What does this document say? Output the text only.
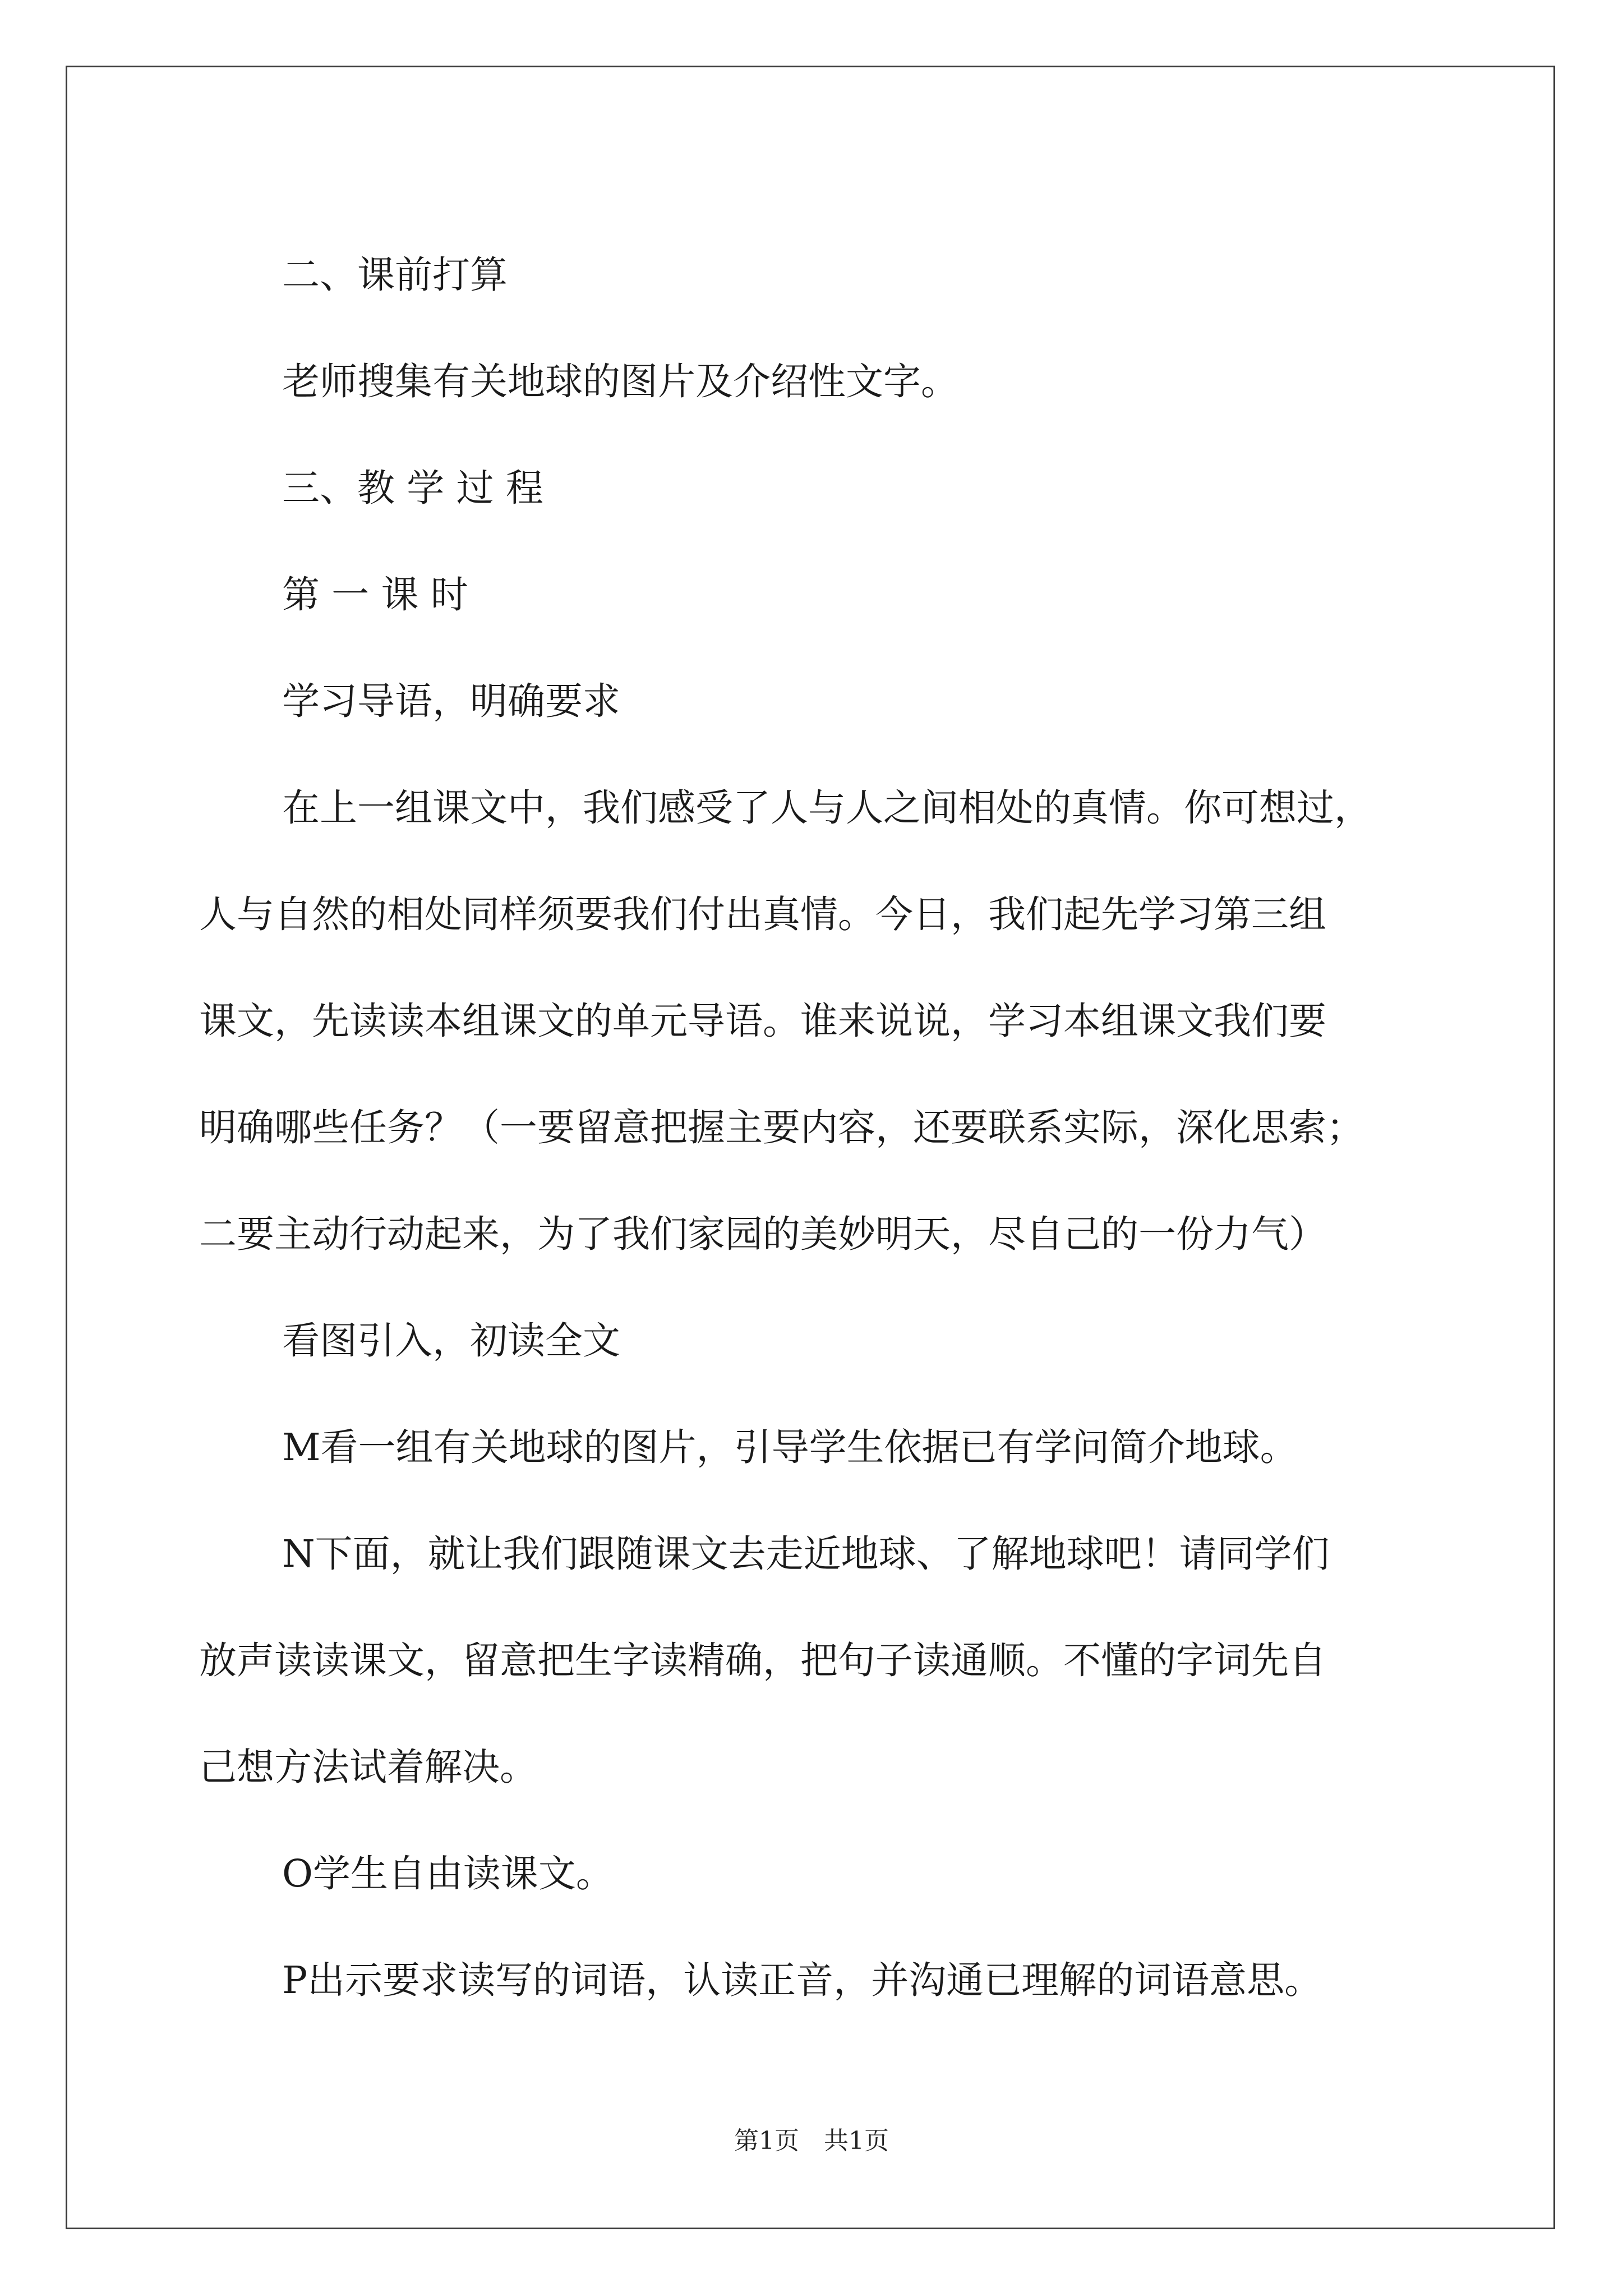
二、课前打算

老师搜集有关地球的图片及介绍性文字。

三、教 学 过 程

第 一 课 时

学习导语，明确要求

在上一组课文中，我们感受了人与人之间相处的真情。你可想过，

人与自然的相处同样须要我们付出真情。今日，我们起先学习第三组

课文，先读读本组课文的单元导语。谁来说说，学习本组课文我们要

明确哪些任务？（一要留意把握主要内容，还要联系实际，深化思索；

二要主动行动起来，为了我们家园的美妙明天，尽自己的一份力气）

看图引入，初读全文

M看一组有关地球的图片，引导学生依据已有学问简介地球。

N下面，就让我们跟随课文去走近地球、了解地球吧！请同学们

放声读读课文，留意把生字读精确，把句子读通顺。不懂的字词先自

己想方法试着解决。

O学生自由读课文。

P出示要求读写的词语，认读正音，并沟通已理解的词语意思。

第1页　共1页
